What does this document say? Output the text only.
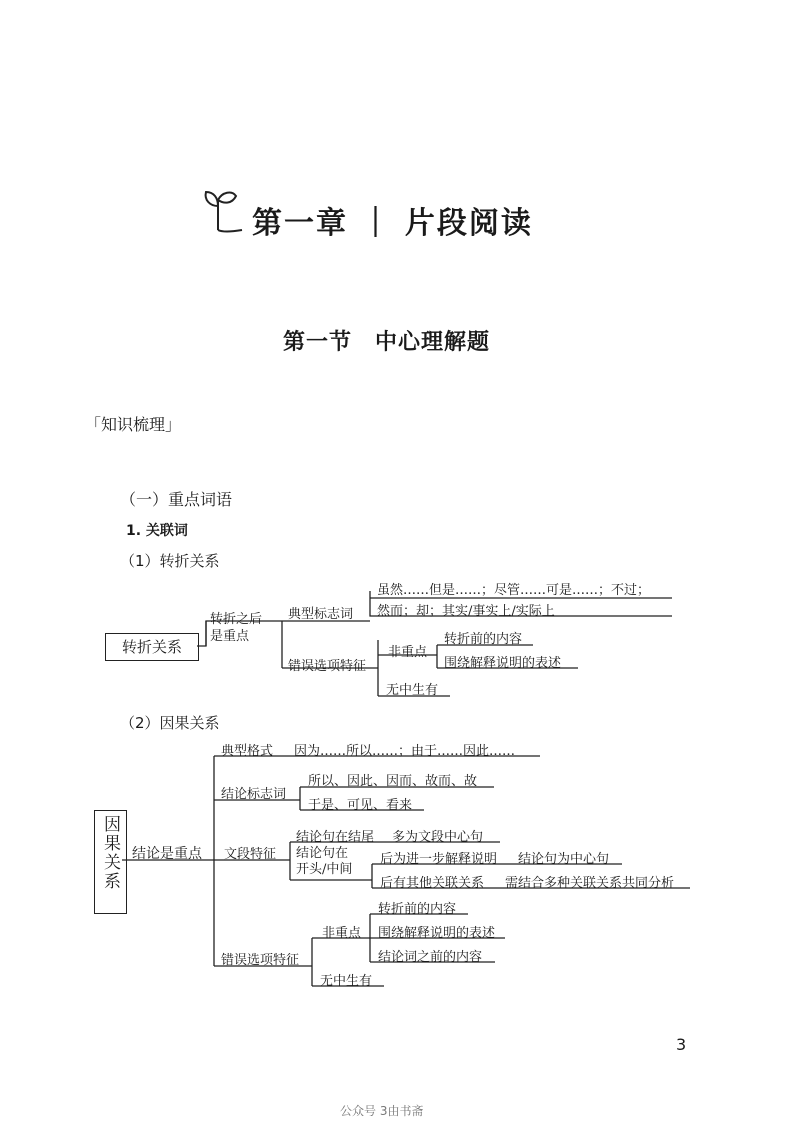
第一章 ｜ 片段阅读
第一节　中心理解题
「知识梳理」
（一）重点词语
1. 关联词
（1）转折关系
转折关系
转折之后
是重点
典型标志词
虽然……但是……；尽管……可是……；不过；
然而；却；其实/事实上/实际上
错误选项特征
非重点
转折前的内容
围绕解释说明的表述
无中生有
（2）因果关系
因果关系 结论是重点
典型格式 因为……所以……；由于……因此……
结论标志词
所以、因此、因而、故而、故
于是、可见、看来
文段特征
结论句在结尾 多为文段中心句
结论句在
开头/中间
后为进一步解释说明 结论句为中心句
后有其他关联关系 需结合多种关联关系共同分析
错误选项特征
非重点
转折前的内容
围绕解释说明的表述
结论词之前的内容
无中生有
3
公众号 3由书斋
